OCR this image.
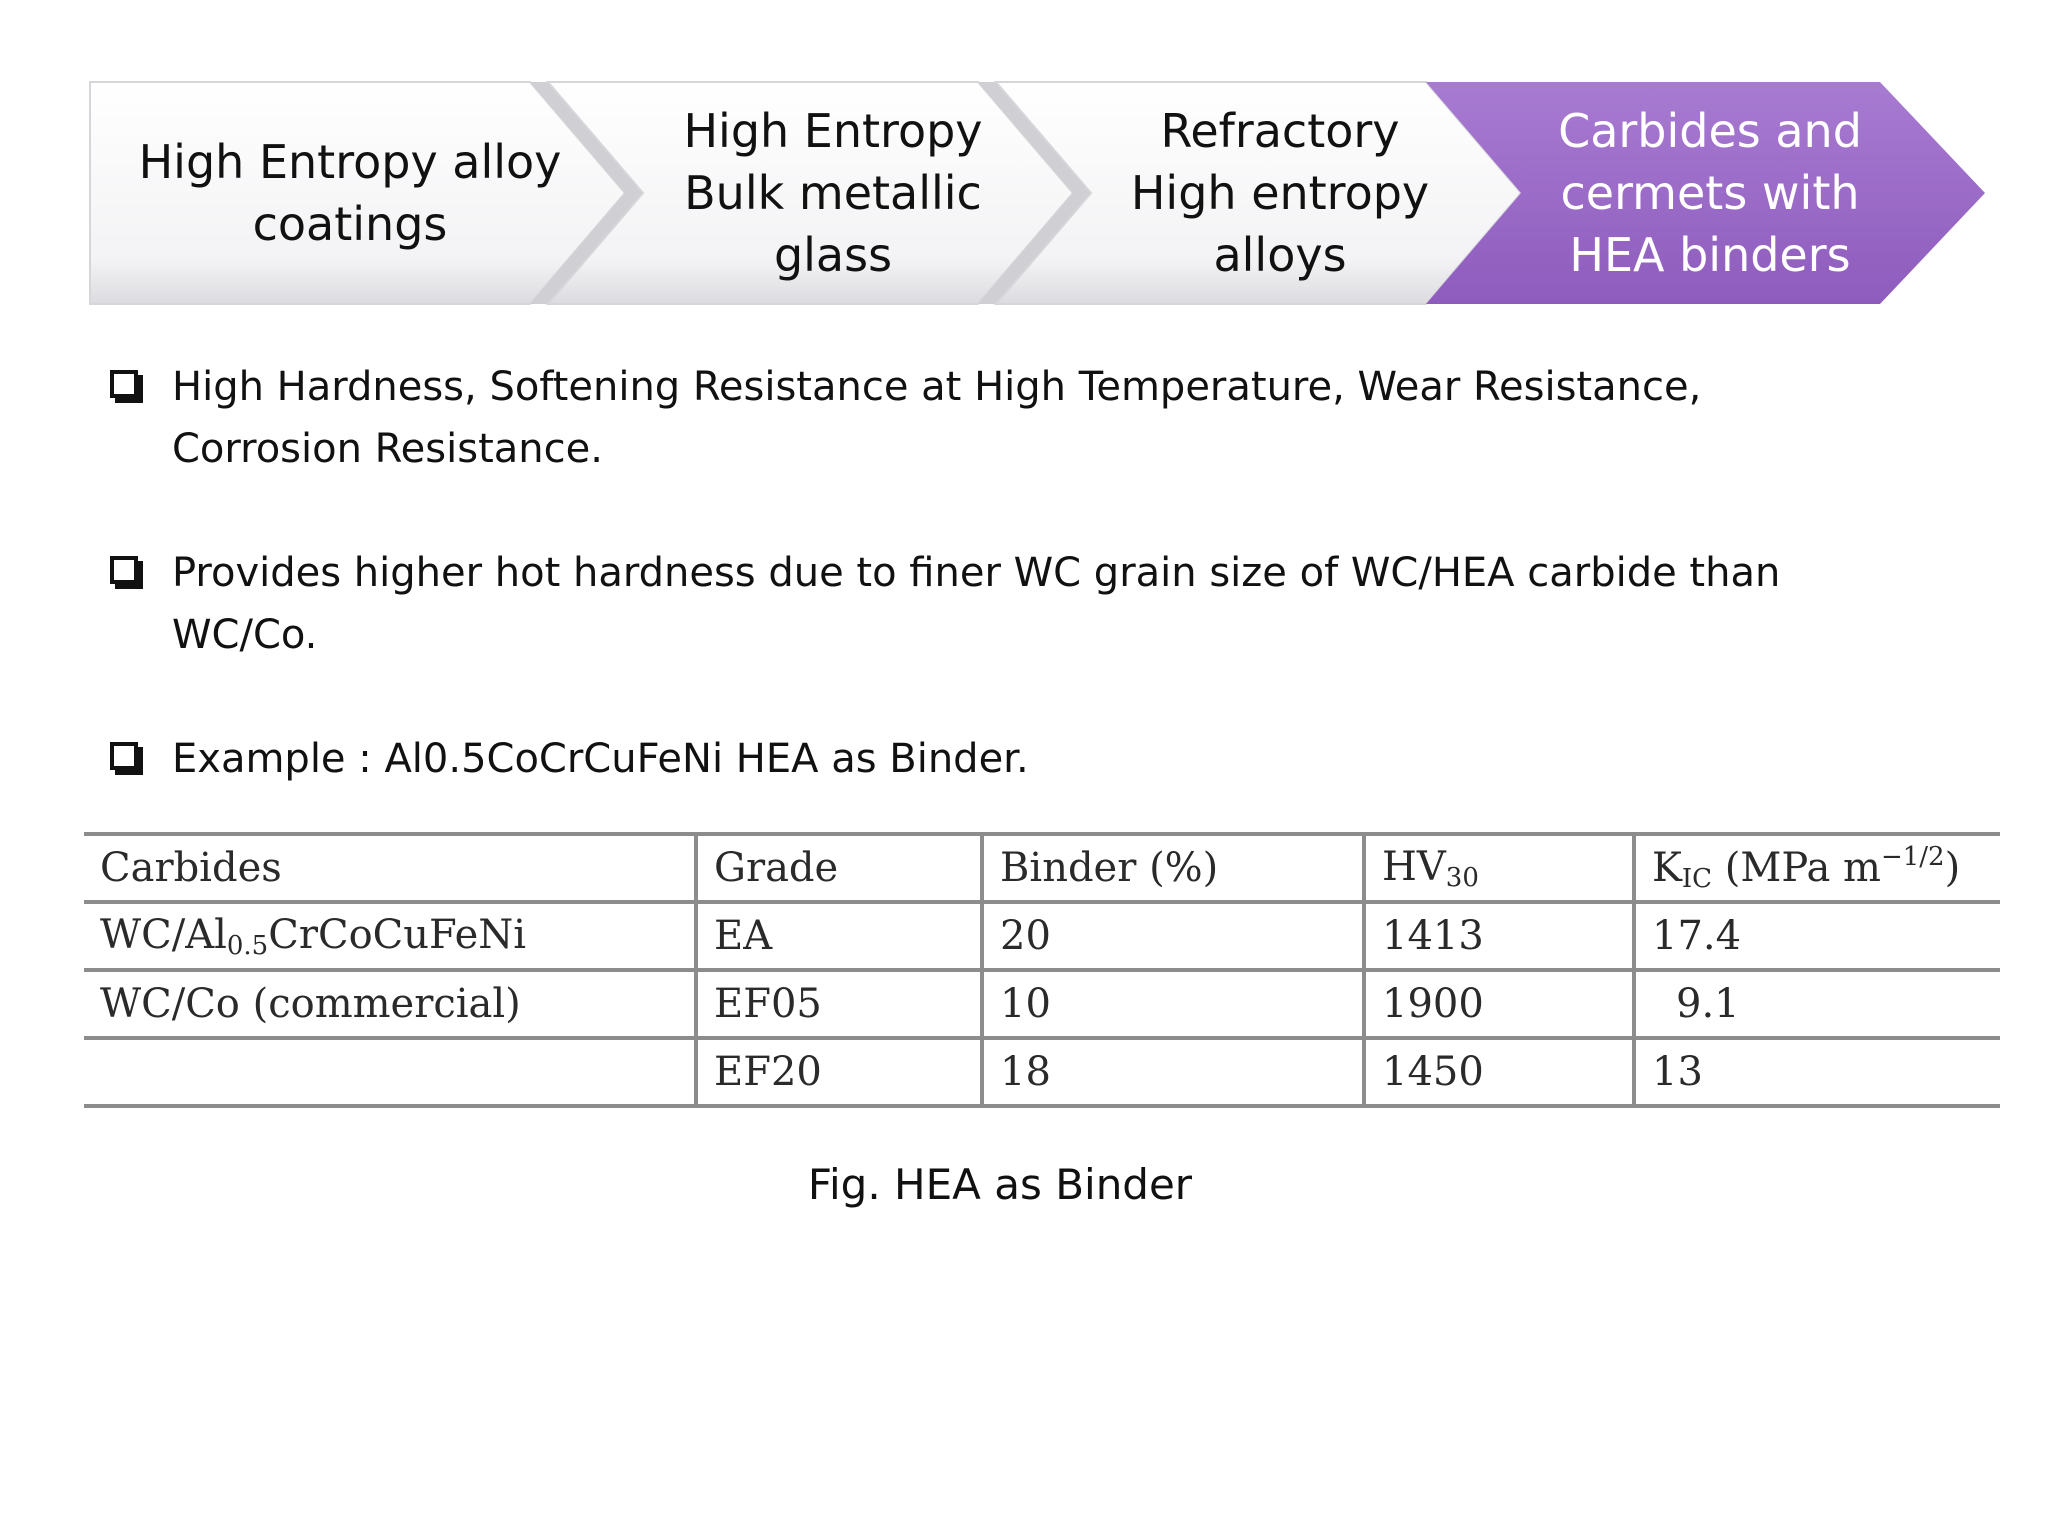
High Entropy alloy
coatings
High Entropy
Bulk metallic
glass
Refractory
High entropy
alloys
Carbides and
cermets with
HEA binders
High Hardness, Softening Resistance at High Temperature, Wear Resistance,
Corrosion Resistance.
Provides higher hot hardness due to finer WC grain size of WC/HEA carbide than
WC/Co.
Example : Al0.5CoCrCuFeNi HEA as Binder.
Carbides	Grade	Binder (%)	$HV_{30}$	$K_{IC}$ (MPa $m^{-1/2}$)
$WC/Al_{0.5}CrCoCuFeNi$	EA	20	1413	17.4
WC/Co (commercial)	EF05	10	1900	9.1
	EF20	18	1450	13
Fig. HEA as Binder
